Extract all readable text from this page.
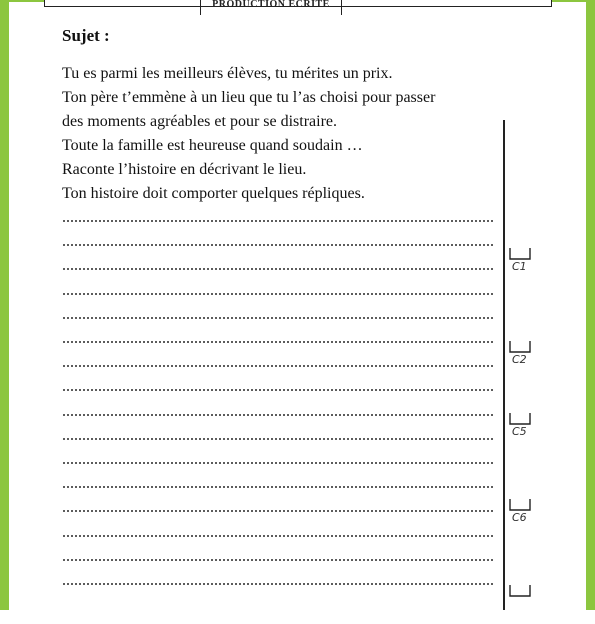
PRODUCTION ECRITE
Sujet :
Tu es parmi les meilleurs élèves, tu mérites un prix.
Ton père t’emmène à un lieu que tu l’as choisi pour passer
des moments agréables et pour se distraire.
Toute la famille est heureuse quand soudain …
Raconte l’histoire en décrivant le lieu.
Ton histoire doit comporter quelques répliques.
C1
C2
C5
C6
